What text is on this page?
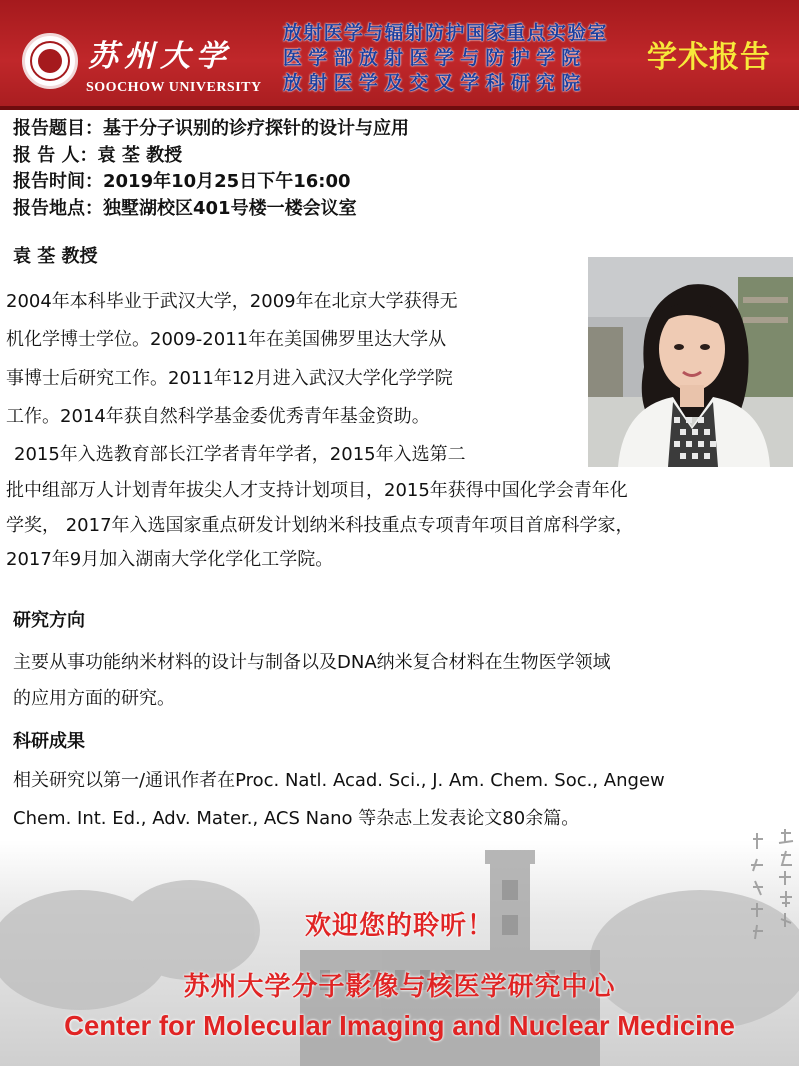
苏州大学
SOOCHOW UNIVERSITY
放射医学与辐射防护国家重点实验室
医学部放射医学与防护学院
放射医学及交叉学科研究院
学术报告
报告题目：基于分子识别的诊疗探针的设计与应用
报 告 人：袁 荃 教授
报告时间：2019年10月25日下午16:00
报告地点：独墅湖校区401号楼一楼会议室
袁 荃 教授
2004年本科毕业于武汉大学，2009年在北京大学获得无
机化学博士学位。2009-2011年在美国佛罗里达大学从
事博士后研究工作。2011年12月进入武汉大学化学学院
工作。2014年获自然科学基金委优秀青年基金资助。
2015年入选教育部长江学者青年学者，2015年入选第二
批中组部万人计划青年拔尖人才支持计划项目，2015年获得中国化学会青年化
学奖， 2017年入选国家重点研发计划纳米科技重点专项青年项目首席科学家，
2017年9月加入湖南大学化学化工学院。
研究方向
主要从事功能纳米材料的设计与制备以及DNA纳米复合材料在生物医学领域
的应用方面的研究。
科研成果
相关研究以第一/通讯作者在Proc. Natl. Acad. Sci., J. Am. Chem. Soc., Angew
Chem. Int. Ed., Adv. Mater., ACS Nano 等杂志上发表论文80余篇。
欢迎您的聆听！
苏州大学分子影像与核医学研究中心
Center for Molecular Imaging and Nuclear Medicine
